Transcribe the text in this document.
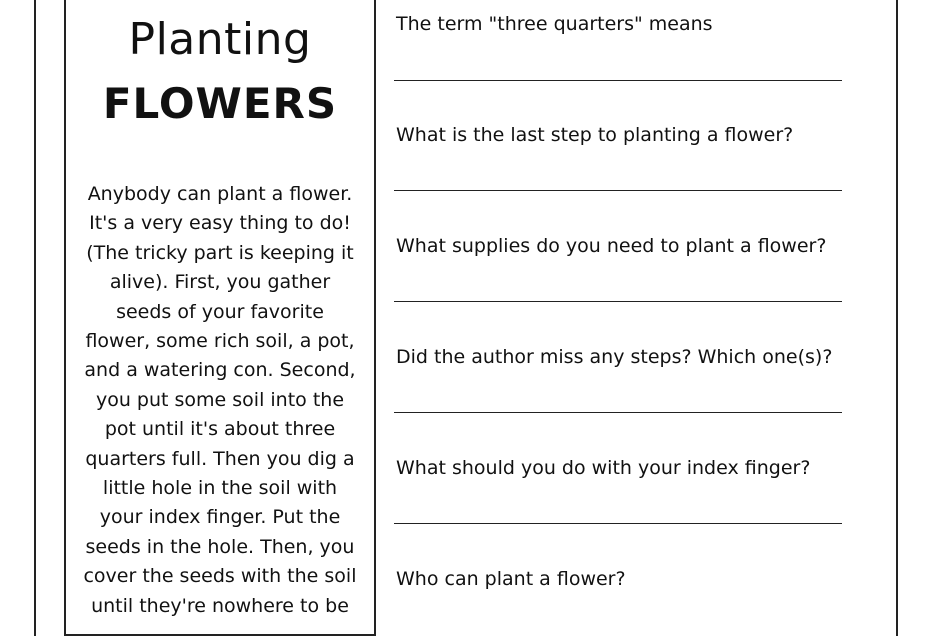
Planting
FLOWERS

Anybody can plant a flower.
It's a very easy thing to do!
(The tricky part is keeping it
alive). First, you gather
seeds of your favorite
flower, some rich soil, a pot,
and a watering con. Second,
you put some soil into the
pot until it's about three
quarters full. Then you dig a
little hole in the soil with
your index finger. Put the
seeds in the hole. Then, you
cover the seeds with the soil
until they're nowhere to be

The term "three quarters" means

What is the last step to planting a flower?

What supplies do you need to plant a flower?

Did the author miss any steps? Which one(s)?

What should you do with your index finger?

Who can plant a flower?
